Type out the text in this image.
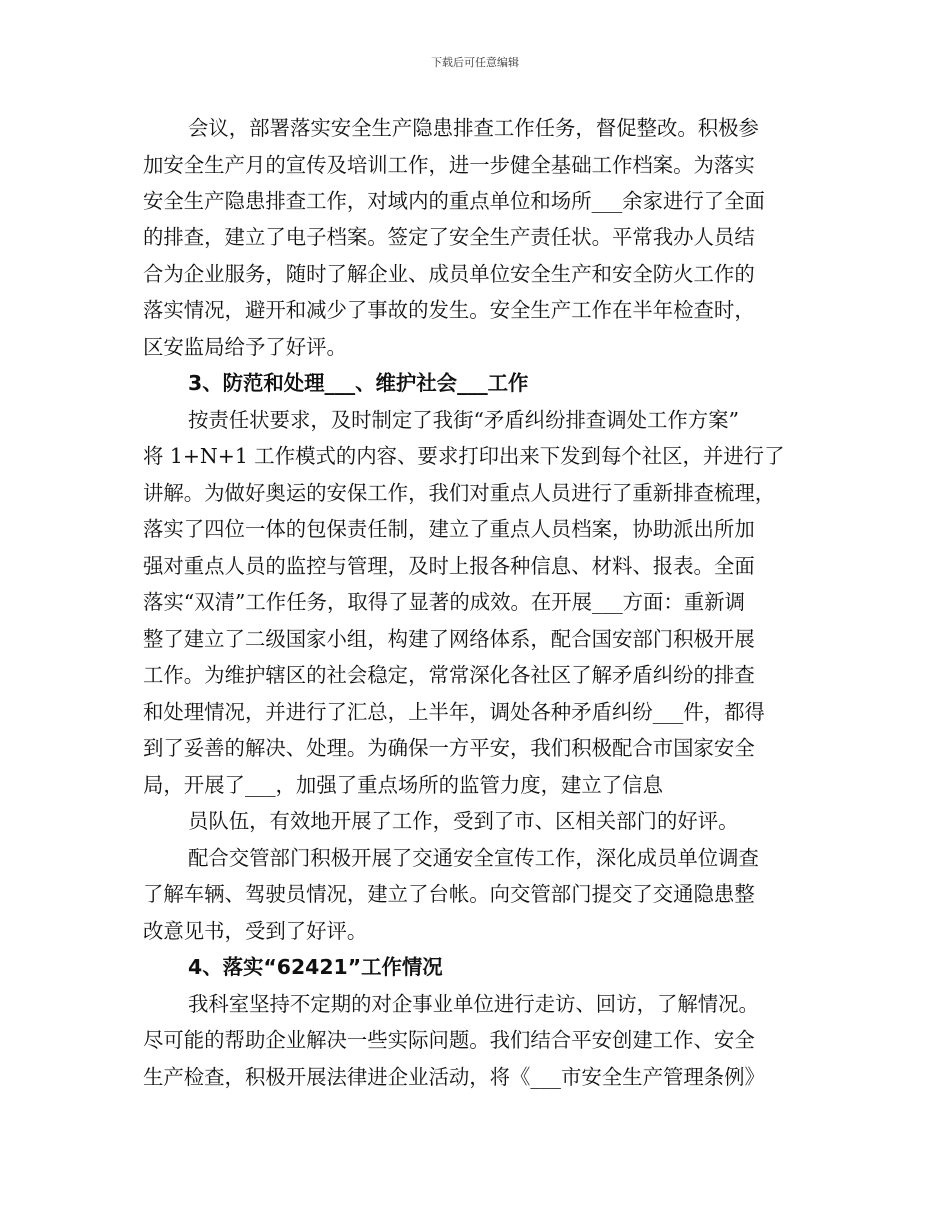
下载后可任意编辑
会议，部署落实安全生产隐患排查工作任务，督促整改。积极参
加安全生产月的宣传及培训工作，进一步健全基础工作档案。为落实
安全生产隐患排查工作，对域内的重点单位和场所___余家进行了全面
的排查，建立了电子档案。签定了安全生产责任状。平常我办人员结
合为企业服务，随时了解企业、成员单位安全生产和安全防火工作的
落实情况，避开和减少了事故的发生。安全生产工作在半年检查时，
区安监局给予了好评。
3、防范和处理___、维护社会___工作
按责任状要求，及时制定了我街“矛盾纠纷排查调处工作方案”
将 1+N+1 工作模式的内容、要求打印出来下发到每个社区，并进行了
讲解。为做好奥运的安保工作，我们对重点人员进行了重新排查梳理，
落实了四位一体的包保责任制，建立了重点人员档案，协助派出所加
强对重点人员的监控与管理，及时上报各种信息、材料、报表。全面
落实“双清”工作任务，取得了显著的成效。在开展___方面：重新调
整了建立了二级国家小组，构建了网络体系，配合国安部门积极开展
工作。为维护辖区的社会稳定，常常深化各社区了解矛盾纠纷的排查
和处理情况，并进行了汇总，上半年，调处各种矛盾纠纷___件，都得
到了妥善的解决、处理。为确保一方平安，我们积极配合市国家安全
局，开展了___，加强了重点场所的监管力度，建立了信息
员队伍，有效地开展了工作，受到了市、区相关部门的好评。
配合交管部门积极开展了交通安全宣传工作，深化成员单位调查
了解车辆、驾驶员情况，建立了台帐。向交管部门提交了交通隐患整
改意见书，受到了好评。
4、落实“62421”工作情况
我科室坚持不定期的对企事业单位进行走访、回访，了解情况。
尽可能的帮助企业解决一些实际问题。我们结合平安创建工作、安全
生产检查，积极开展法律进企业活动，将《___市安全生产管理条例》
